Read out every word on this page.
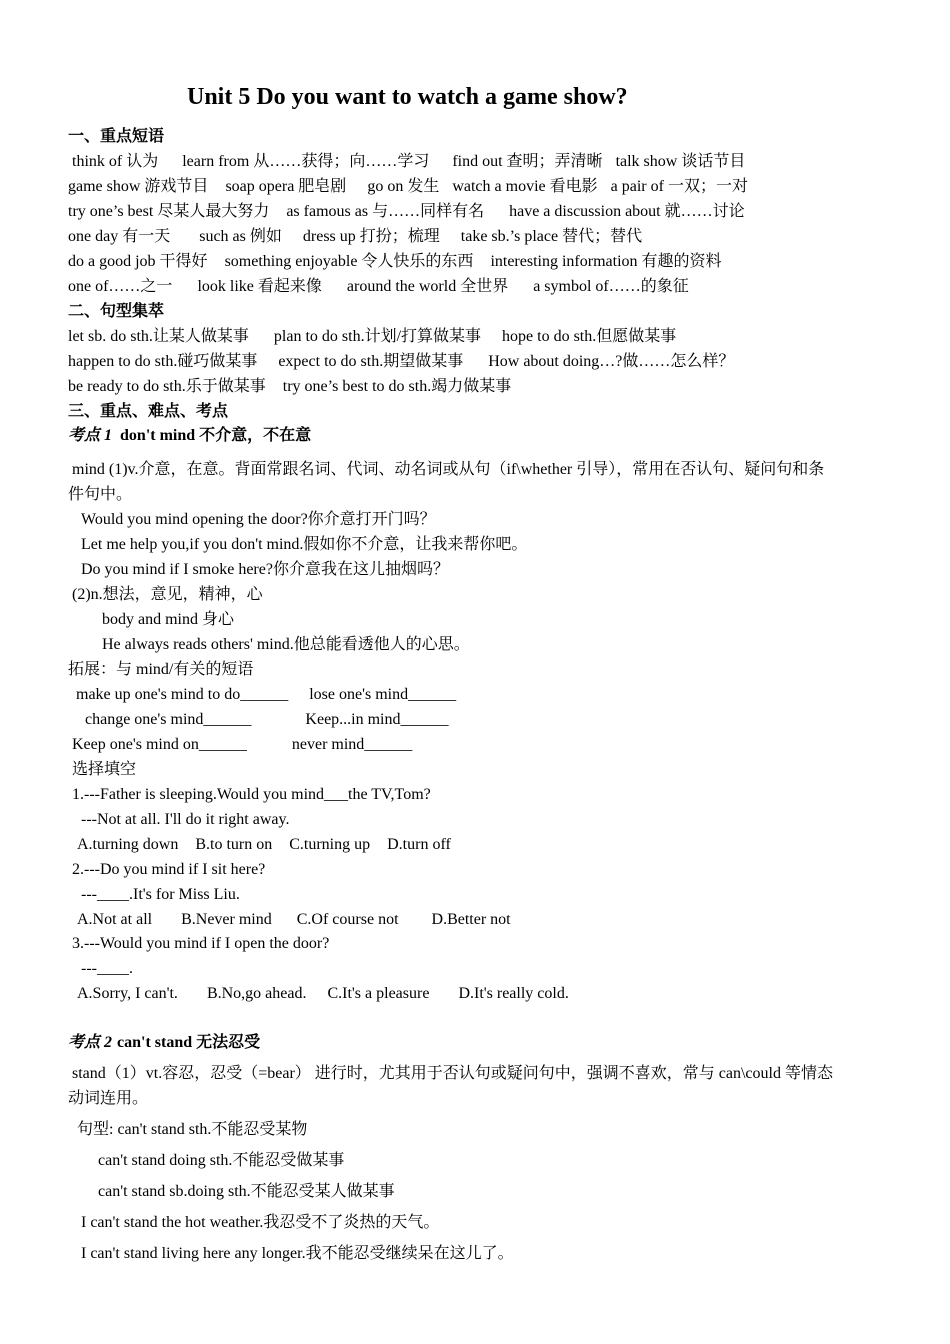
Unit 5 Do you want to watch a game show?
一、重点短语
think of 认为 learn from 从……获得；向……学习 find out 查明；弄清晰 talk show 谈话节目
game show 游戏节目 soap opera 肥皂剧 go on 发生 watch a movie 看电影 a pair of 一双；一对
try one’s best 尽某人最大努力 as famous as 与……同样有名 have a discussion about 就……讨论
one day 有一天 such as 例如 dress up 打扮；梳理 take sb.’s place 替代；替代
do a good job 干得好 something enjoyable 令人快乐的东西 interesting information 有趣的资料
one of……之一 look like 看起来像 around the world 全世界 a symbol of……的象征
二、句型集萃
let sb. do sth.让某人做某事 plan to do sth.计划/打算做某事 hope to do sth.但愿做某事
happen to do sth.碰巧做某事 expect to do sth.期望做某事 How about doing…?做……怎么样？
be ready to do sth.乐于做某事 try one’s best to do sth.竭力做某事
三、重点、难点、考点
考点 1 don't mind 不介意，不在意
mind (1)v.介意，在意。背面常跟名词、代词、动名词或从句（if\whether 引导），常用在否认句、疑问句和条
件句中。
Would you mind opening the door?你介意打开门吗？
Let me help you,if you don't mind.假如你不介意，让我来帮你吧。
Do you mind if I smoke here?你介意我在这儿抽烟吗？
(2)n.想法，意见，精神，心
body and mind 身心
He always reads others' mind.他总能看透他人的心思。
拓展：与 mind/有关的短语
make up one's mind to do______ lose one's mind______
change one's mind______	Keep...in mind______
Keep one's mind on______	never mind______
选择填空
1.---Father is sleeping.Would you mind___the TV,Tom?
---Not at all. I'll do it right away.
A.turning down B.to turn on C.turning up D.turn off
2.---Do you mind if I sit here?
---____.It's for Miss Liu.
A.Not at all B.Never mind C.Of course not D.Better not
3.---Would you mind if I open the door?
---____.
A.Sorry, I can't. B.No,go ahead. C.It's a pleasure D.It's really cold.
考点 2 can't stand 无法忍受
stand（1）vt.容忍，忍受（=bear） 进行时，尤其用于否认句或疑问句中，强调不喜欢，常与 can\could 等情态
动词连用。
句型: can't stand sth.不能忍受某物
can't stand doing sth.不能忍受做某事
can't stand sb.doing sth.不能忍受某人做某事
I can't stand the hot weather.我忍受不了炎热的天气。
I can't stand living here any longer.我不能忍受继续呆在这儿了。
